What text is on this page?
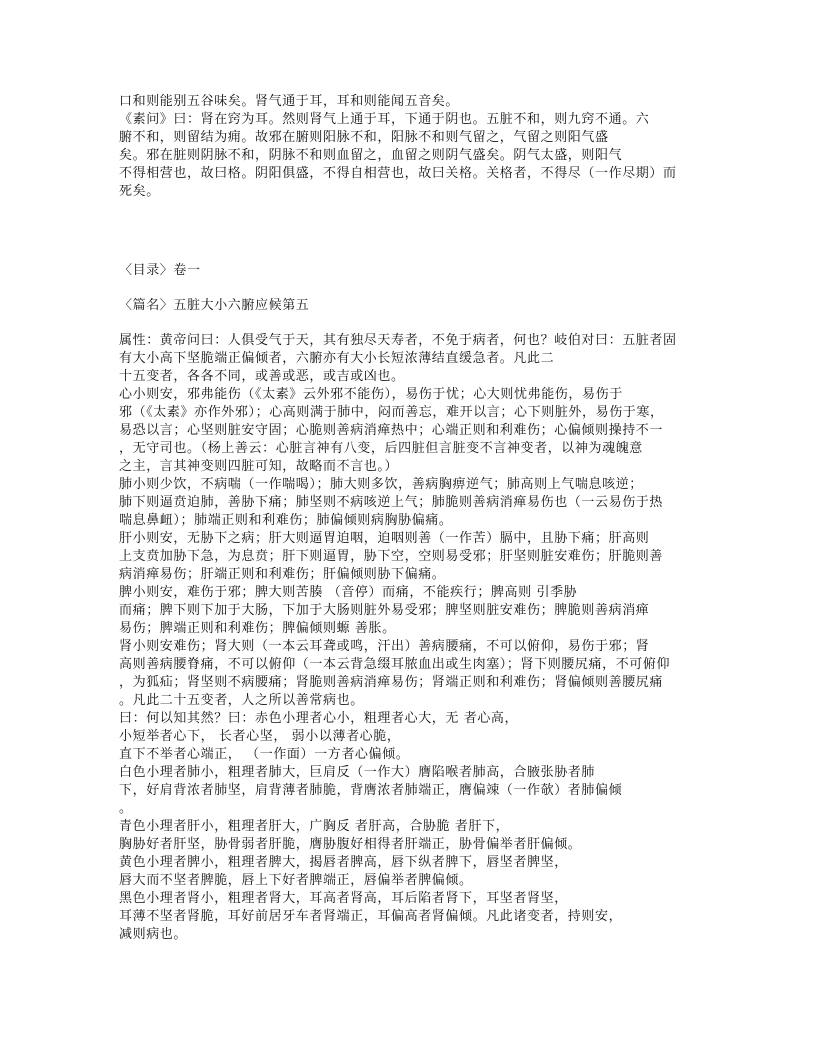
口和则能别五谷味矣。肾气通于耳，耳和则能闻五音矣。
《素问》曰：肾在窍为耳。然则肾气上通于耳，下通于阴也。五脏不和，则九窍不通。六
腑不和，则留结为痈。故邪在腑则阳脉不和，阳脉不和则气留之，气留之则阳气盛
矣。邪在脏则阴脉不和，阴脉不和则血留之，血留之则阴气盛矣。阴气太盛，则阳气
不得相营也，故曰格。阴阳俱盛，不得自相营也，故曰关格。关格者，不得尽（一作尽期）而
死矣。
〈目录〉卷一
〈篇名〉五脏大小六腑应候第五
属性：黄帝问曰：人俱受气于天，其有独尽天寿者，不免于病者，何也？岐伯对曰：五脏者固
有大小高下坚脆端正偏倾者，六腑亦有大小长短浓薄结直缓急者。凡此二
十五变者，各各不同，或善或恶，或吉或凶也。
心小则安，邪弗能伤（《太素》云外邪不能伤），易伤于忧；心大则忧弗能伤，易伤于
邪（《太素》亦作外邪）；心高则满于肺中，闷而善忘，难开以言；心下则脏外，易伤于寒，
易恐以言；心坚则脏安守固；心脆则善病消瘅热中；心端正则和利难伤；心偏倾则操持不一
，无守司也。（杨上善云：心脏言神有八变，后四脏但言脏变不言神变者，以神为魂魄意
之主，言其神变则四脏可知，故略而不言也。）
肺小则少饮，不病喘（一作喘喝）；肺大则多饮，善病胸痹逆气；肺高则上气喘息咳逆；
肺下则逼贲迫肺，善胁下痛；肺坚则不病咳逆上气；肺脆则善病消瘅易伤也（一云易伤于热
喘息鼻衄）；肺端正则和利难伤；肺偏倾则病胸胁偏痛。
肝小则安，无胁下之病；肝大则逼胃迫咽，迫咽则善（一作苦）膈中，且胁下痛；肝高则
上支贲加胁下急，为息贲；肝下则逼胃，胁下空，空则易受邪；肝坚则脏安难伤；肝脆则善
病消瘅易伤；肝端正则和利难伤；肝偏倾则胁下偏痛。
脾小则安，难伤于邪；脾大则苦腠 （音停）而痛，不能疾行；脾高则 引季胁
而痛；脾下则下加于大肠，下加于大肠则脏外易受邪；脾坚则脏安难伤；脾脆则善病消瘅
易伤；脾端正则和利难伤；脾偏倾则螈 善胀。
肾小则安难伤；肾大则（一本云耳聋或鸣，汗出）善病腰痛，不可以俯仰，易伤于邪；肾
高则善病腰脊痛，不可以俯仰（一本云背急缀耳脓血出或生肉塞）；肾下则腰尻痛，不可俯仰
，为狐疝；肾坚则不病腰痛；肾脆则善病消瘅易伤；肾端正则和利难伤；肾偏倾则善腰尻痛
。凡此二十五变者，人之所以善常病也。
曰：何以知其然？曰：赤色小理者心小，粗理者心大，无 者心高，
小短举者心下， 长者心坚， 弱小以薄者心脆，
直下不举者心端正， （一作面）一方者心偏倾。
白色小理者肺小，粗理者肺大，巨肩反（一作大）膺陷喉者肺高，合腋张胁者肺
下，好肩背浓者肺坚，肩背薄者肺脆，背膺浓者肺端正，膺偏竦（一作欹）者肺偏倾
。
青色小理者肝小，粗理者肝大，广胸反 者肝高，合胁脆 者肝下，
胸胁好者肝坚，胁骨弱者肝脆，膺胁腹好相得者肝端正，胁骨偏举者肝偏倾。
黄色小理者脾小，粗理者脾大，揭唇者脾高，唇下纵者脾下，唇坚者脾坚，
唇大而不坚者脾脆，唇上下好者脾端正，唇偏举者脾偏倾。
黑色小理者肾小，粗理者肾大，耳高者肾高，耳后陷者肾下，耳坚者肾坚，
耳薄不坚者肾脆，耳好前居牙车者肾端正，耳偏高者肾偏倾。凡此诸变者，持则安，
减则病也。
